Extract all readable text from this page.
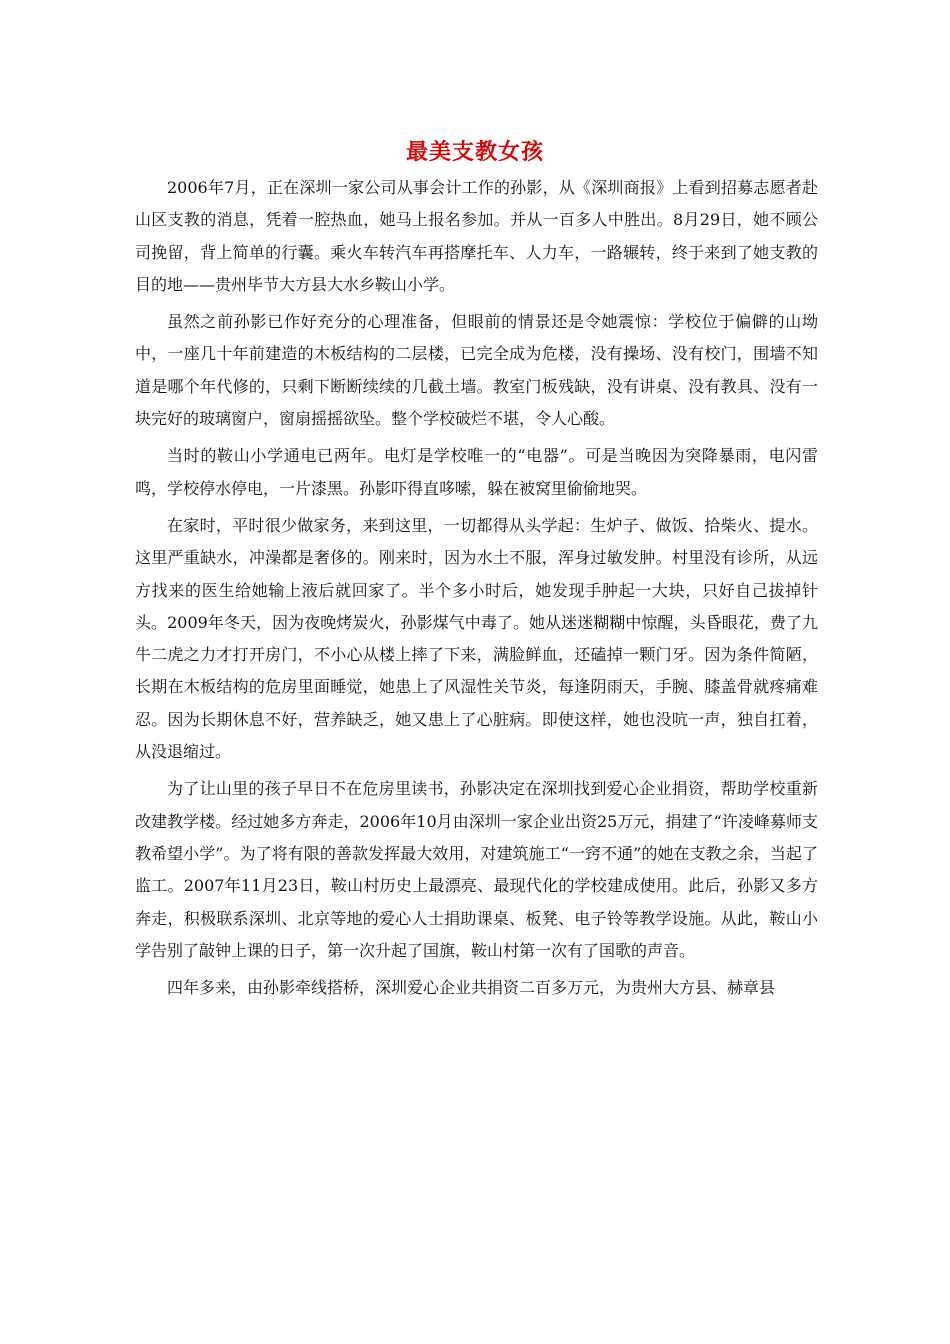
最美支教女孩

2006年7月，正在深圳一家公司从事会计工作的孙影，从《深圳商报》上看到招募志愿者赴山区支教的消息，凭着一腔热血，她马上报名参加。并从一百多人中胜出。8月29日，她不顾公司挽留，背上简单的行囊。乘火车转汽车再搭摩托车、人力车，一路辗转，终于来到了她支教的目的地——贵州毕节大方县大水乡鞍山小学。

虽然之前孙影已作好充分的心理准备，但眼前的情景还是令她震惊：学校位于偏僻的山坳中，一座几十年前建造的木板结构的二层楼，已完全成为危楼，没有操场、没有校门，围墙不知道是哪个年代修的，只剩下断断续续的几截土墙。教室门板残缺，没有讲桌、没有教具、没有一块完好的玻璃窗户，窗扇摇摇欲坠。整个学校破烂不堪，令人心酸。

当时的鞍山小学通电已两年。电灯是学校唯一的“电器”。可是当晚因为突降暴雨，电闪雷鸣，学校停水停电，一片漆黑。孙影吓得直哆嗦，躲在被窝里偷偷地哭。

在家时，平时很少做家务，来到这里，一切都得从头学起：生炉子、做饭、拾柴火、提水。这里严重缺水，冲澡都是奢侈的。刚来时，因为水土不服，浑身过敏发肿。村里没有诊所，从远方找来的医生给她输上液后就回家了。半个多小时后，她发现手肿起一大块，只好自己拔掉针头。2009年冬天，因为夜晚烤炭火，孙影煤气中毒了。她从迷迷糊糊中惊醒，头昏眼花，费了九牛二虎之力才打开房门，不小心从楼上摔了下来，满脸鲜血，还磕掉一颗门牙。因为条件简陋，长期在木板结构的危房里面睡觉，她患上了风湿性关节炎，每逢阴雨天，手腕、膝盖骨就疼痛难忍。因为长期休息不好，营养缺乏，她又患上了心脏病。即使这样，她也没吭一声，独自扛着，从没退缩过。

为了让山里的孩子早日不在危房里读书，孙影决定在深圳找到爱心企业捐资，帮助学校重新改建教学楼。经过她多方奔走，2006年10月由深圳一家企业出资25万元，捐建了“许凌峰募师支教希望小学”。为了将有限的善款发挥最大效用，对建筑施工“一窍不通”的她在支教之余，当起了监工。2007年11月23日，鞍山村历史上最漂亮、最现代化的学校建成使用。此后，孙影又多方奔走，积极联系深圳、北京等地的爱心人士捐助课桌、板凳、电子铃等教学设施。从此，鞍山小学告别了敲钟上课的日子，第一次升起了国旗，鞍山村第一次有了国歌的声音。

四年多来，由孙影牵线搭桥，深圳爱心企业共捐资二百多万元，为贵州大方县、赫章县
